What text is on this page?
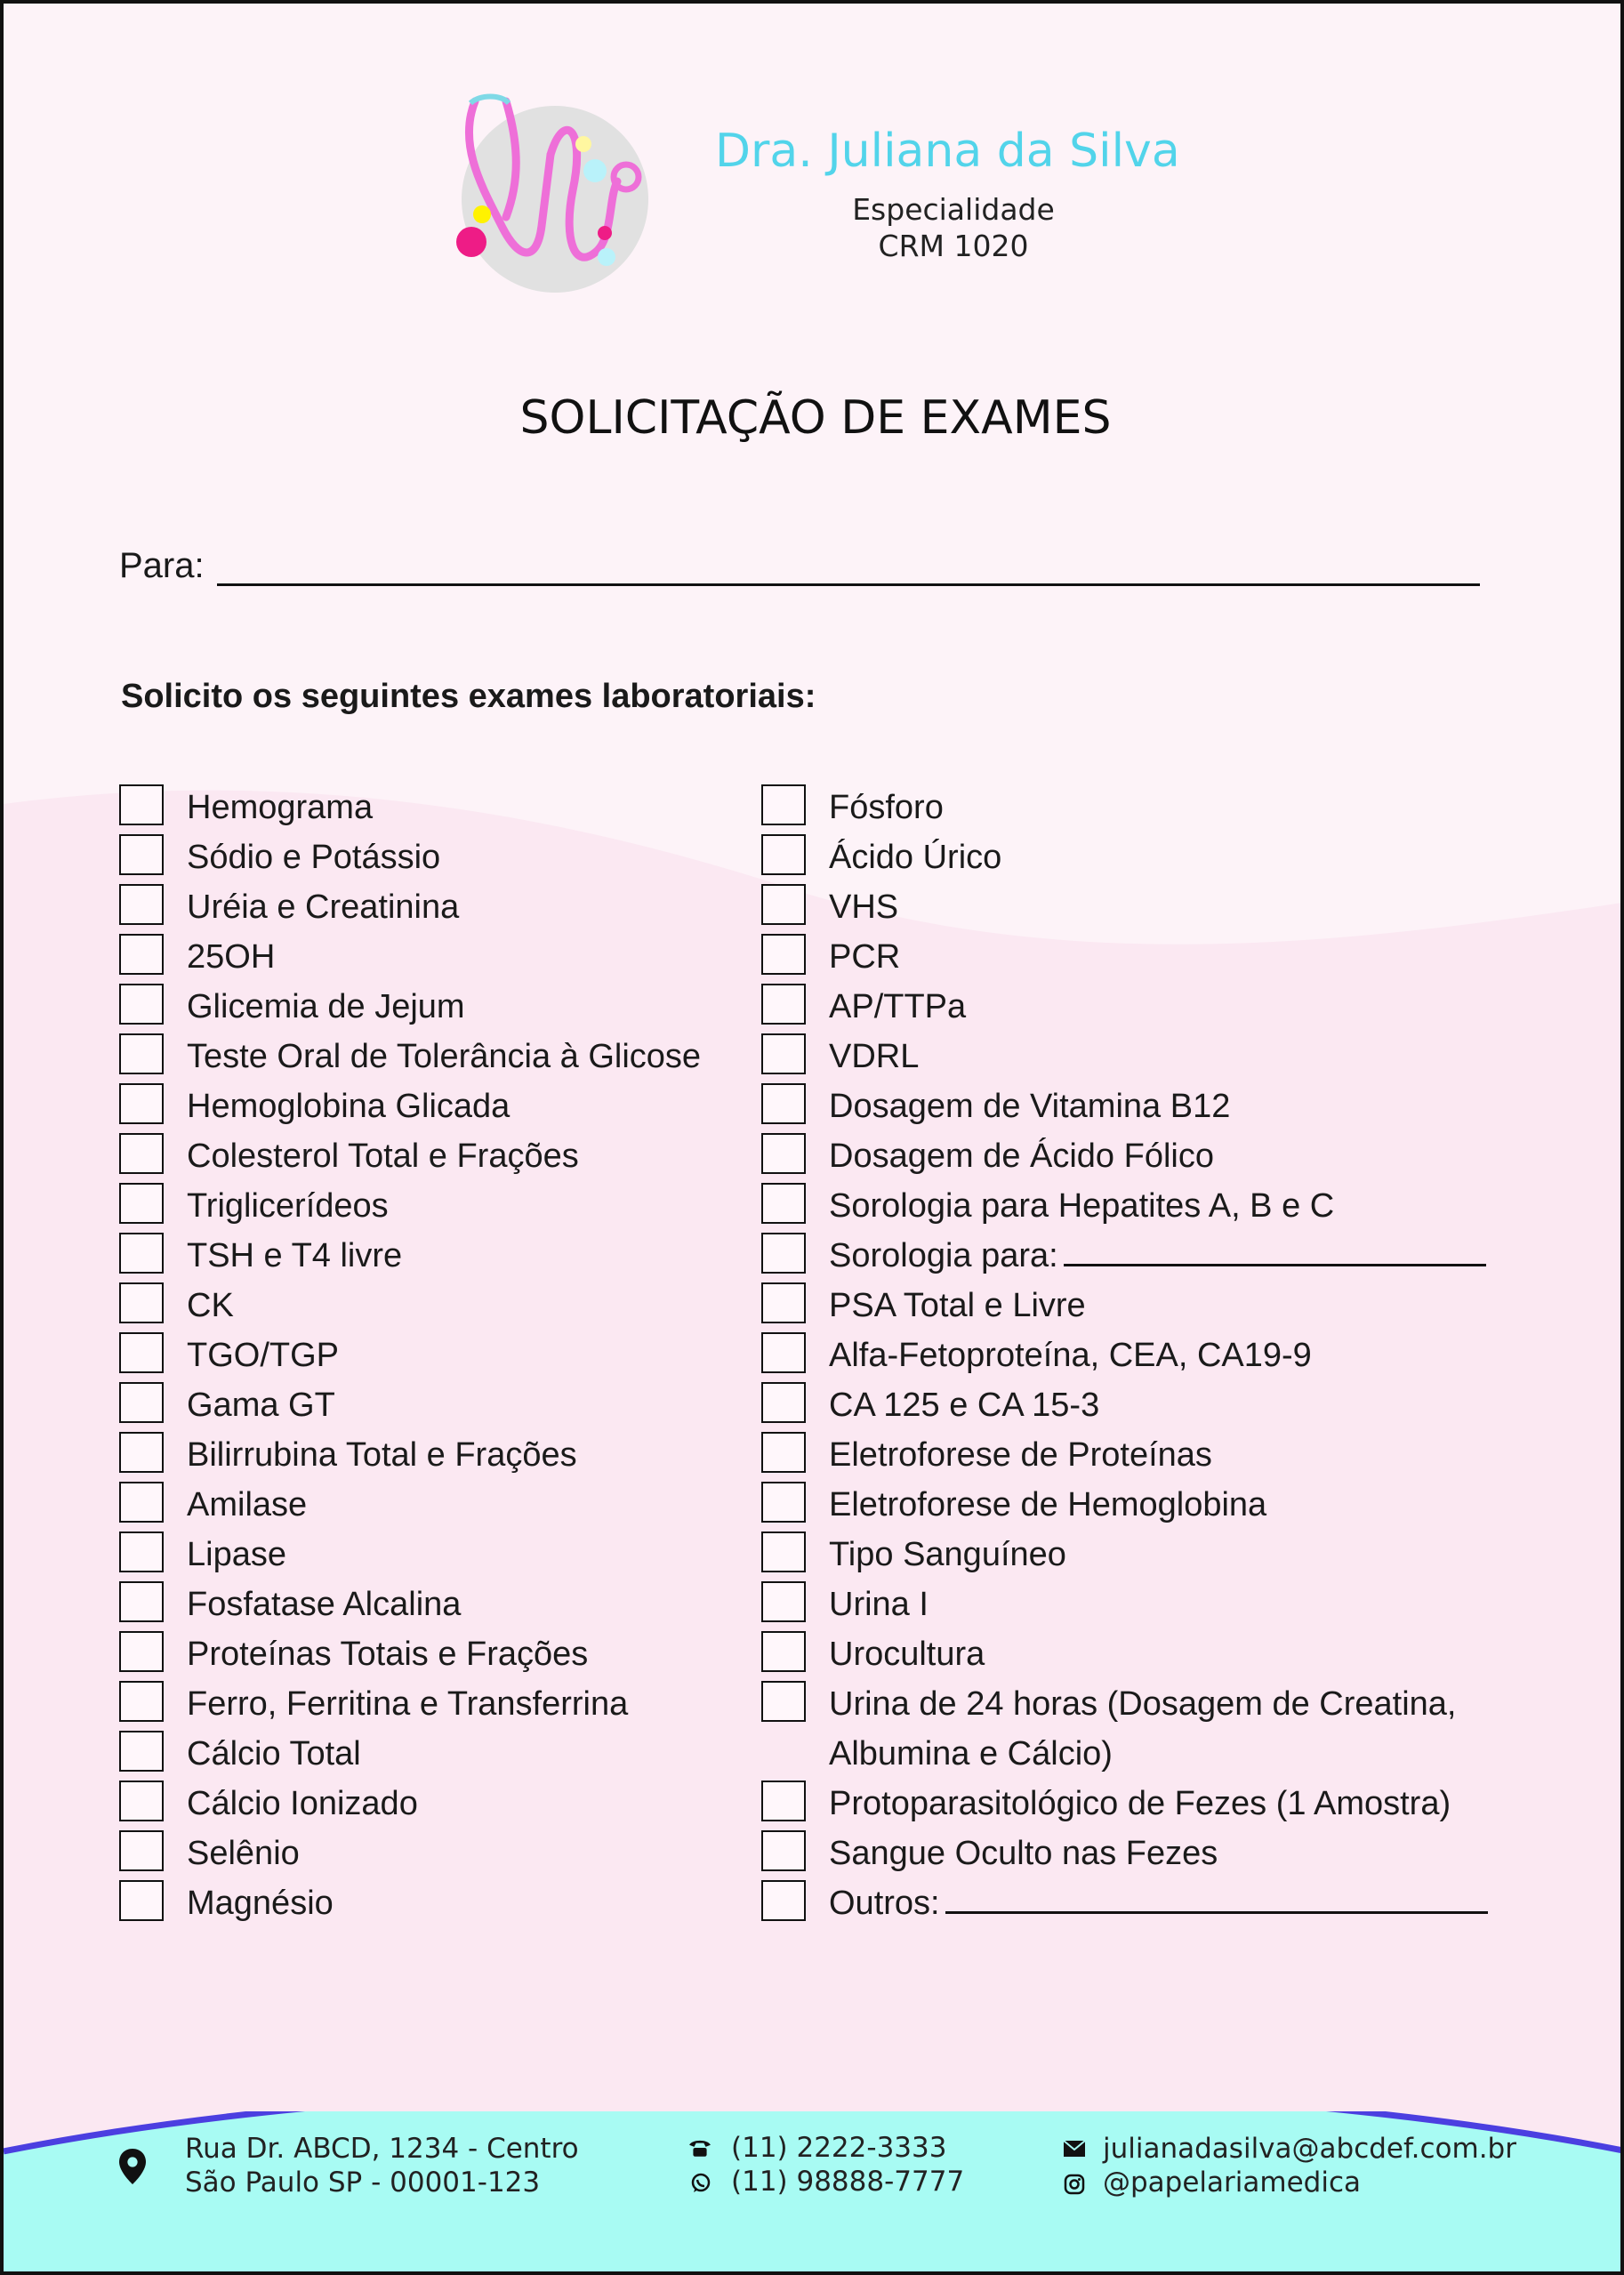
Dra. Juliana da Silva
Especialidade
CRM 1020
SOLICITAÇÃO DE EXAMES
Para:
Solicito os seguintes exames laboratoriais:
Hemograma
Sódio e Potássio
Uréia e Creatinina
25OH
Glicemia de Jejum
Teste Oral de Tolerância à Glicose
Hemoglobina Glicada
Colesterol Total e Frações
Triglicerídeos
TSH e T4 livre
CK
TGO/TGP
Gama GT
Bilirrubina Total e Frações
Amilase
Lipase
Fosfatase Alcalina
Proteínas Totais e Frações
Ferro, Ferritina e Transferrina
Cálcio Total
Cálcio Ionizado
Selênio
Magnésio
Fósforo
Ácido Úrico
VHS
PCR
AP/TTPa
VDRL
Dosagem de Vitamina B12
Dosagem de Ácido Fólico
Sorologia para Hepatites A, B e C
Sorologia para:
PSA Total e Livre
Alfa-Fetoproteína, CEA, CA19-9
CA 125 e CA 15-3
Eletroforese de Proteínas
Eletroforese de Hemoglobina
Tipo Sanguíneo
Urina I
Urocultura
Urina de 24 horas (Dosagem de Creatina, Albumina e Cálcio)
Protoparasitológico de Fezes (1 Amostra)
Sangue Oculto nas Fezes
Outros:
Rua Dr. ABCD, 1234 - Centro
São Paulo SP - 00001-123
(11) 2222-3333
(11) 98888-7777
julianadasilva@abcdef.com.br
@papelariamedica
